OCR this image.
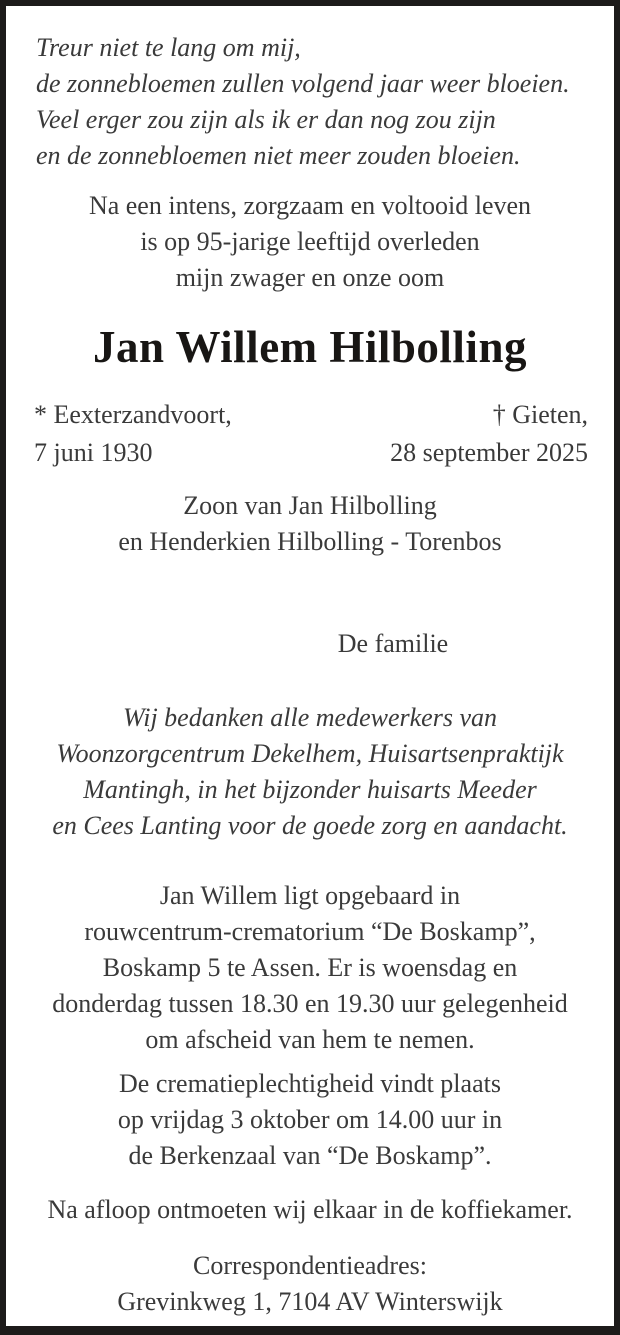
Treur niet te lang om mij,
de zonnebloemen zullen volgend jaar weer bloeien.
Veel erger zou zijn als ik er dan nog zou zijn
en de zonnebloemen niet meer zouden bloeien.
Na een intens, zorgzaam en voltooid leven
is op 95-jarige leeftijd overleden
mijn zwager en onze oom
Jan Willem Hilbolling
* Eexterzandvoort,
7 juni 1930
† Gieten,
28 september 2025
Zoon van Jan Hilbolling
en Henderkien Hilbolling - Torenbos
De familie
Wij bedanken alle medewerkers van
Woonzorgcentrum Dekelhem, Huisartsenpraktijk
Mantingh, in het bijzonder huisarts Meeder
en Cees Lanting voor de goede zorg en aandacht.
Jan Willem ligt opgebaard in
rouwcentrum-crematorium “De Boskamp”,
Boskamp 5 te Assen. Er is woensdag en
donderdag tussen 18.30 en 19.30 uur gelegenheid
om afscheid van hem te nemen.
De crematieplechtigheid vindt plaats
op vrijdag 3 oktober om 14.00 uur in
de Berkenzaal van “De Boskamp”.
Na afloop ontmoeten wij elkaar in de koffiekamer.
Correspondentieadres:
Grevinkweg 1, 7104 AV Winterswijk
